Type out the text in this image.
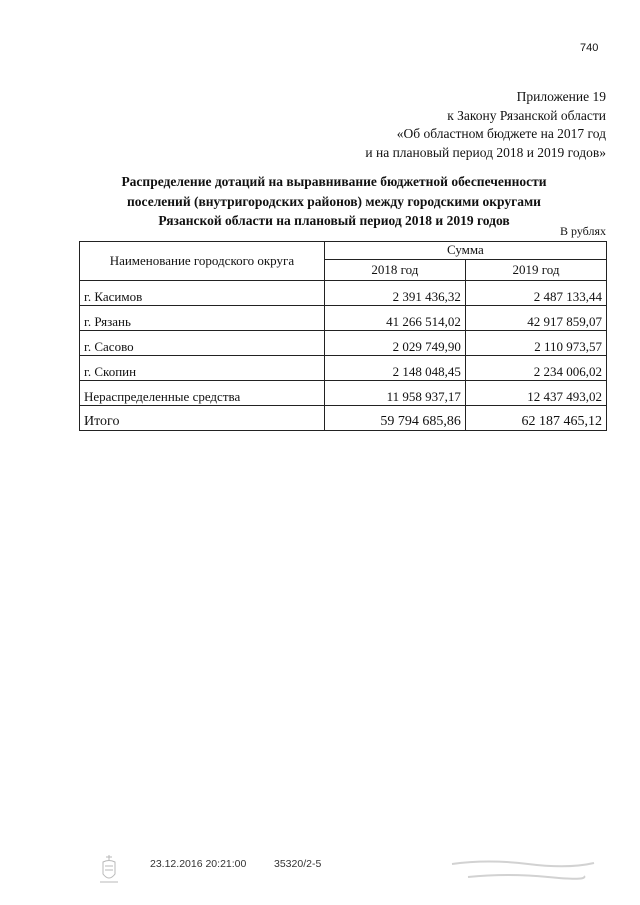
740
Приложение 19
к Закону Рязанской области
«Об областном бюджете на 2017 год
и на плановый период 2018 и 2019 годов»
Распределение дотаций на выравнивание бюджетной обеспеченности
поселений (внутригородских районов) между городскими округами
Рязанской области на плановый период 2018 и 2019 годов
В рублях
Наименование городского округа	Сумма	
	2018 год	2019 год
г. Касимов	2 391 436,32	2 487 133,44
г. Рязань	41 266 514,02	42 917 859,07
г. Сасово	2 029 749,90	2 110 973,57
г. Скопин	2 148 048,45	2 234 006,02
Нераспределенные средства	11 958 937,17	12 437 493,02
Итого	59 794 685,86	62 187 465,12
23.12.2016 20:21:00	35320/2-5
